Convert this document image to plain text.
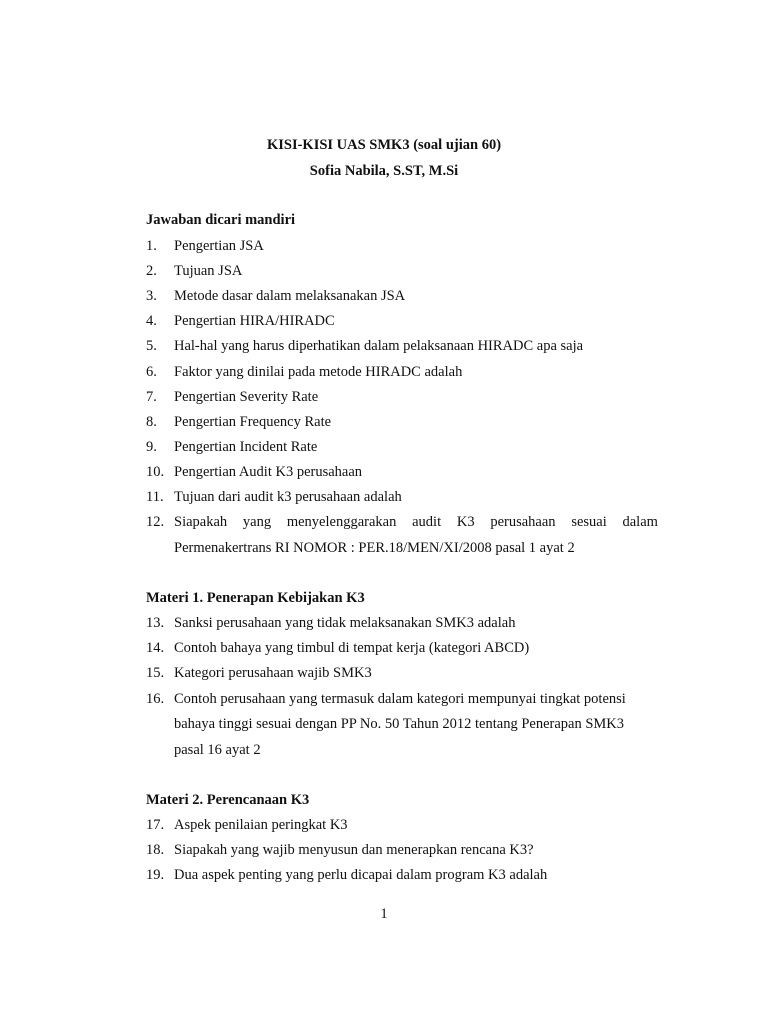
KISI-KISI UAS SMK3 (soal ujian 60)
Sofia Nabila, S.ST, M.Si
Jawaban dicari mandiri
1. Pengertian JSA
2. Tujuan JSA
3. Metode dasar dalam melaksanakan JSA
4. Pengertian HIRA/HIRADC
5. Hal-hal yang harus diperhatikan dalam pelaksanaan HIRADC apa saja
6. Faktor yang dinilai pada metode HIRADC adalah
7. Pengertian Severity Rate
8. Pengertian Frequency Rate
9. Pengertian Incident Rate
10. Pengertian Audit K3 perusahaan
11. Tujuan dari audit k3 perusahaan adalah
12. Siapakah yang menyelenggarakan audit K3 perusahaan sesuai dalam
Permenakertrans RI NOMOR : PER.18/MEN/XI/2008 pasal 1 ayat 2
Materi 1. Penerapan Kebijakan K3
13. Sanksi perusahaan yang tidak melaksanakan SMK3 adalah
14. Contoh bahaya yang timbul di tempat kerja (kategori ABCD)
15. Kategori perusahaan wajib SMK3
16. Contoh perusahaan yang termasuk dalam kategori mempunyai tingkat potensi
bahaya tinggi sesuai dengan PP No. 50 Tahun 2012 tentang Penerapan SMK3
pasal 16 ayat 2
Materi 2. Perencanaan K3
17. Aspek penilaian peringkat K3
18. Siapakah yang wajib menyusun dan menerapkan rencana K3?
19. Dua aspek penting yang perlu dicapai dalam program K3 adalah
1
